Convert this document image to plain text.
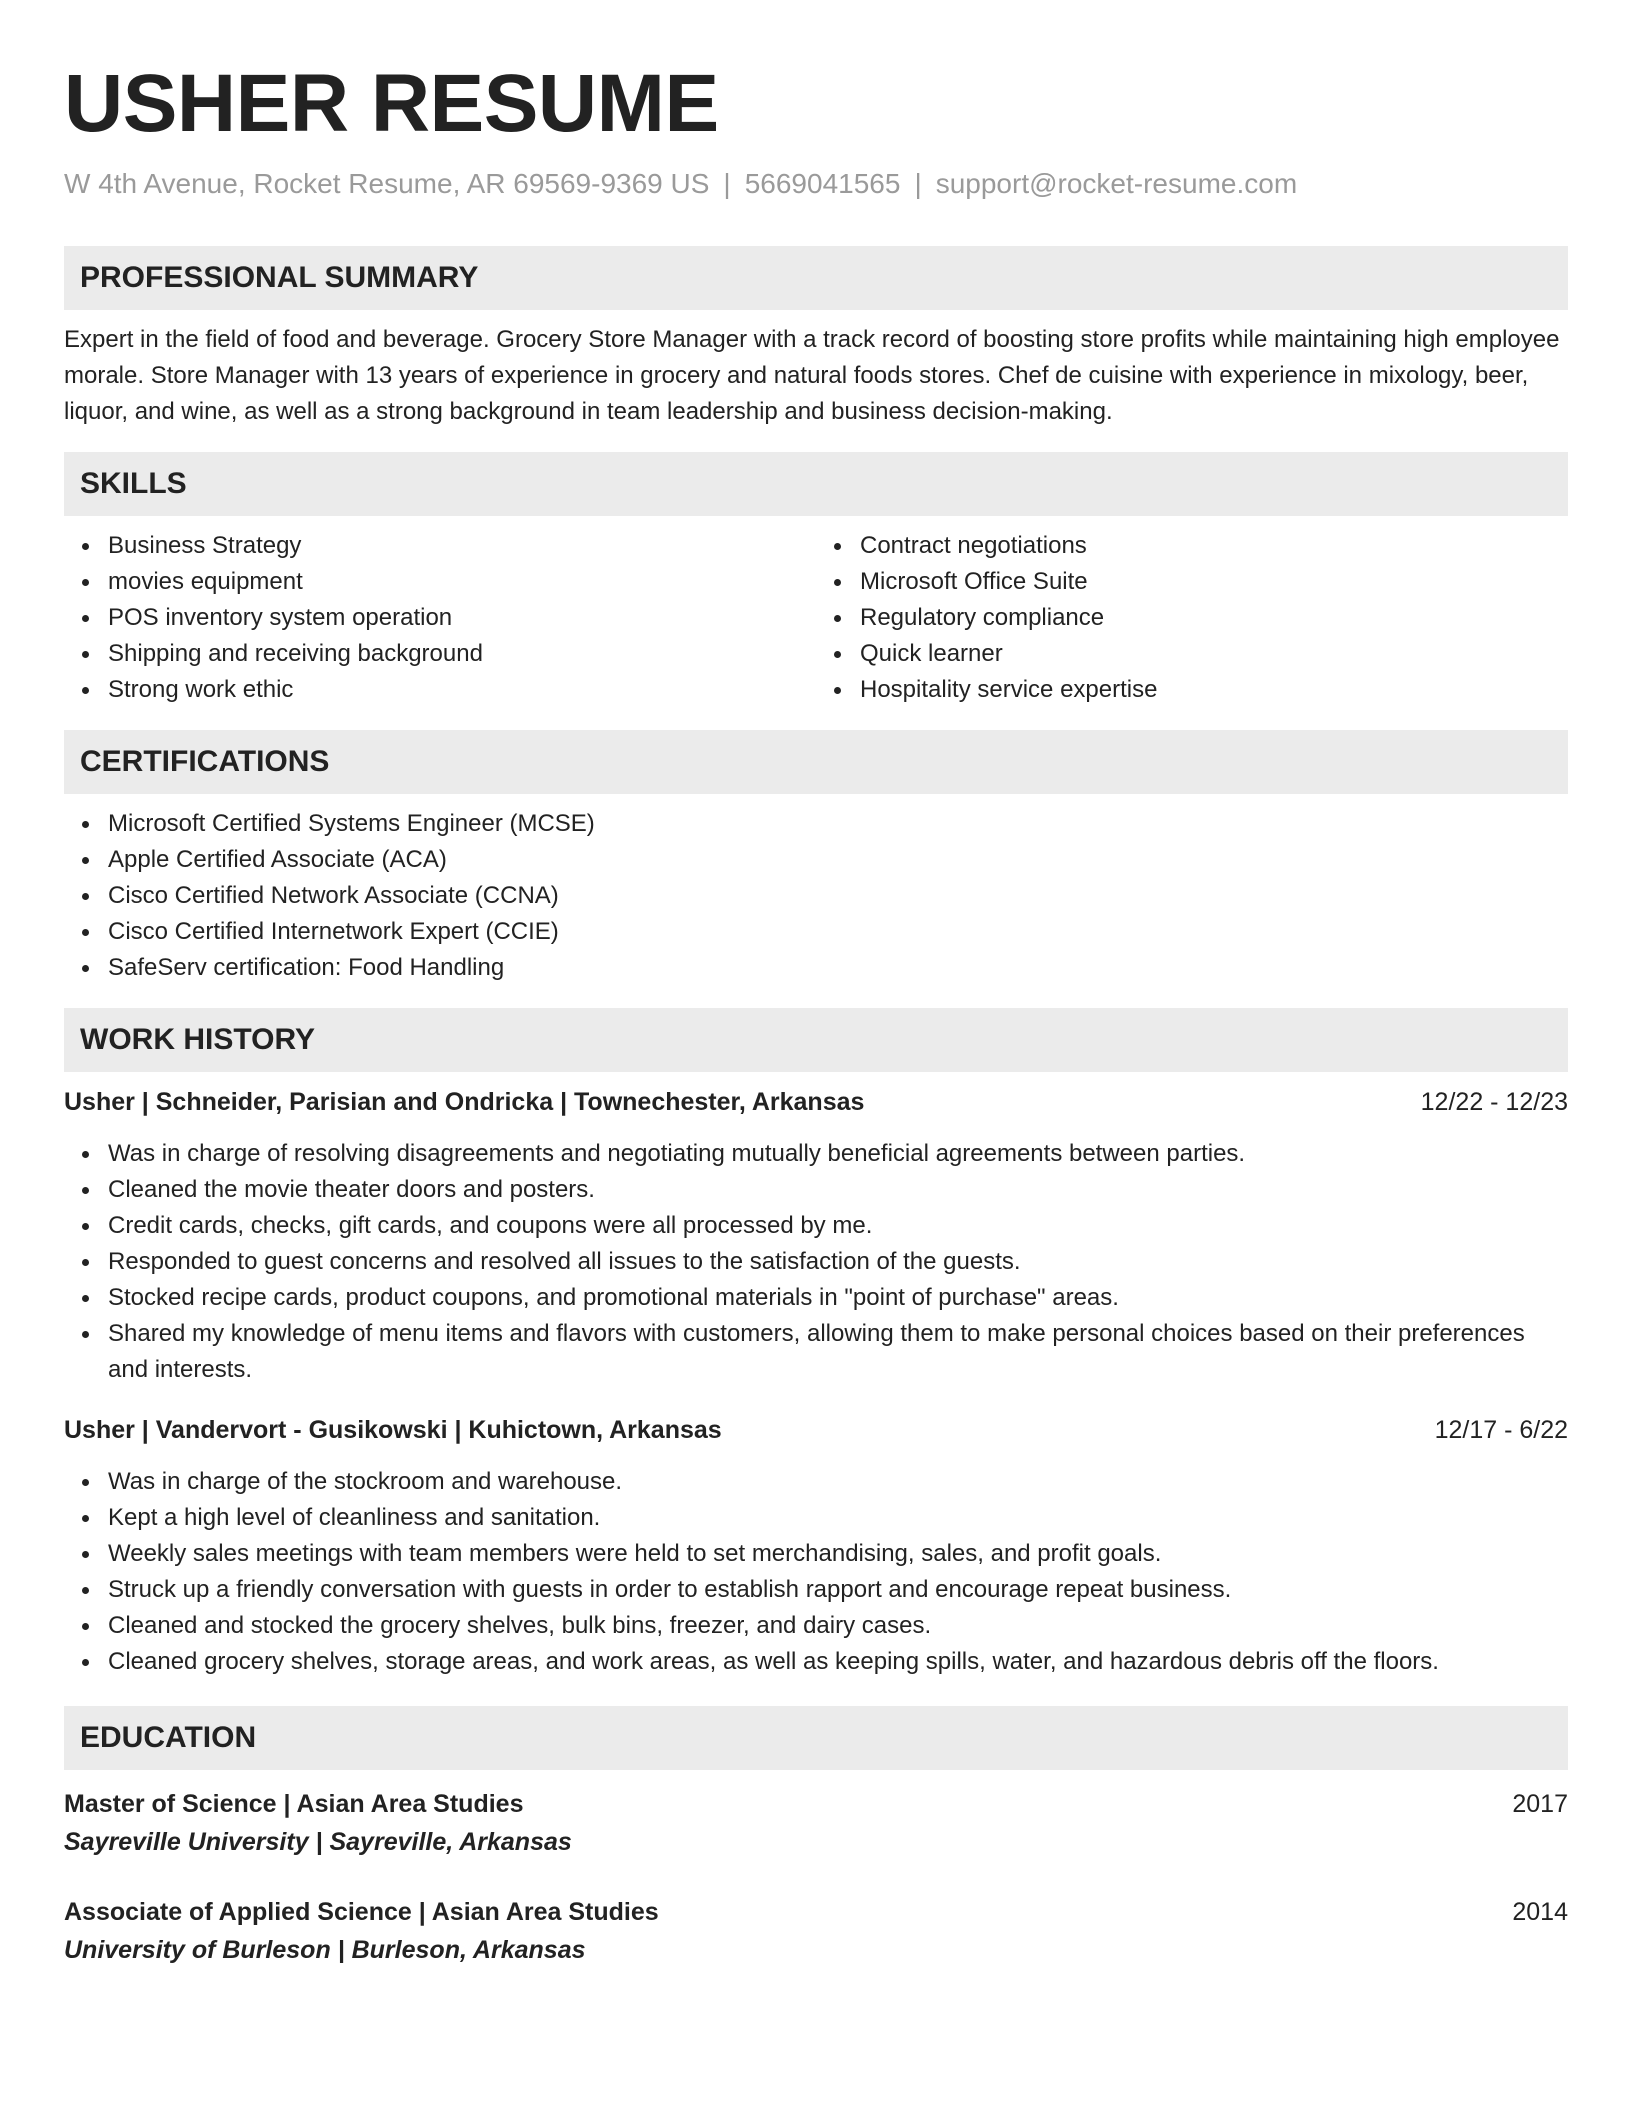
USHER RESUME
W 4th Avenue, Rocket Resume, AR 69569-9369 US | 5669041565 | support@rocket-resume.com
PROFESSIONAL SUMMARY
Expert in the field of food and beverage. Grocery Store Manager with a track record of boosting store profits while maintaining high employee morale. Store Manager with 13 years of experience in grocery and natural foods stores. Chef de cuisine with experience in mixology, beer, liquor, and wine, as well as a strong background in team leadership and business decision-making.
SKILLS
Business Strategy
movies equipment
POS inventory system operation
Shipping and receiving background
Strong work ethic
Contract negotiations
Microsoft Office Suite
Regulatory compliance
Quick learner
Hospitality service expertise
CERTIFICATIONS
Microsoft Certified Systems Engineer (MCSE)
Apple Certified Associate (ACA)
Cisco Certified Network Associate (CCNA)
Cisco Certified Internetwork Expert (CCIE)
SafeServ certification: Food Handling
WORK HISTORY
Usher | Schneider, Parisian and Ondricka | Townechester, Arkansas	12/22 - 12/23
Was in charge of resolving disagreements and negotiating mutually beneficial agreements between parties.
Cleaned the movie theater doors and posters.
Credit cards, checks, gift cards, and coupons were all processed by me.
Responded to guest concerns and resolved all issues to the satisfaction of the guests.
Stocked recipe cards, product coupons, and promotional materials in "point of purchase" areas.
Shared my knowledge of menu items and flavors with customers, allowing them to make personal choices based on their preferences and interests.
Usher | Vandervort - Gusikowski | Kuhictown, Arkansas	12/17 - 6/22
Was in charge of the stockroom and warehouse.
Kept a high level of cleanliness and sanitation.
Weekly sales meetings with team members were held to set merchandising, sales, and profit goals.
Struck up a friendly conversation with guests in order to establish rapport and encourage repeat business.
Cleaned and stocked the grocery shelves, bulk bins, freezer, and dairy cases.
Cleaned grocery shelves, storage areas, and work areas, as well as keeping spills, water, and hazardous debris off the floors.
EDUCATION
Master of Science | Asian Area Studies	2017
Sayreville University | Sayreville, Arkansas
Associate of Applied Science | Asian Area Studies	2014
University of Burleson | Burleson, Arkansas
